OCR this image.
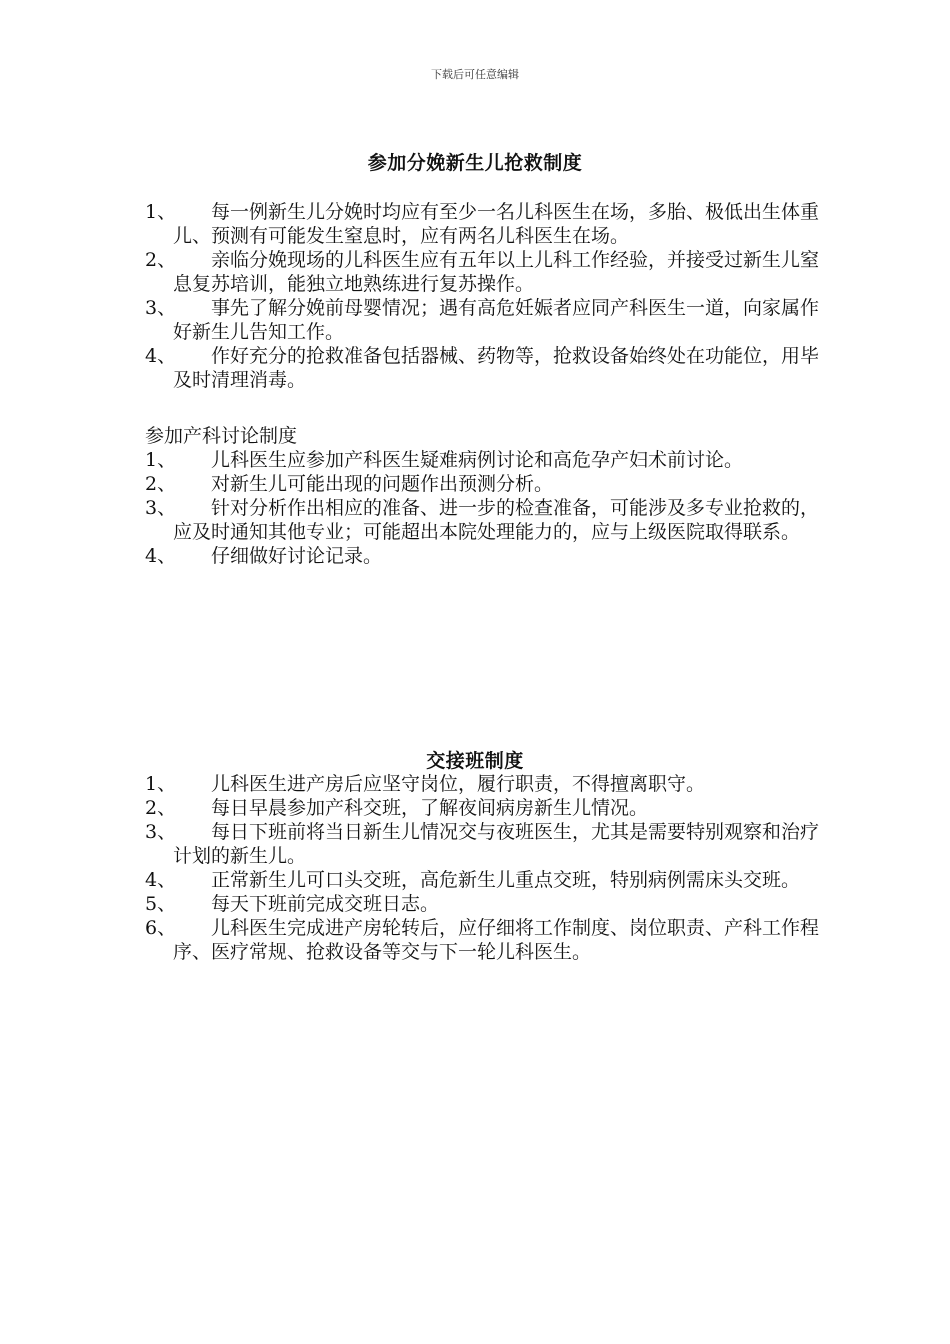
下载后可任意编辑
参加分娩新生儿抢救制度
1、	每一例新生儿分娩时均应有至少一名儿科医生在场，多胎、极低出生体重儿、预测有可能发生窒息时，应有两名儿科医生在场。
2、	亲临分娩现场的儿科医生应有五年以上儿科工作经验，并接受过新生儿窒息复苏培训，能独立地熟练进行复苏操作。
3、	事先了解分娩前母婴情况；遇有高危妊娠者应同产科医生一道，向家属作好新生儿告知工作。
4、	作好充分的抢救准备包括器械、药物等，抢救设备始终处在功能位，用毕及时清理消毒。
参加产科讨论制度
1、	儿科医生应参加产科医生疑难病例讨论和高危孕产妇术前讨论。
2、	对新生儿可能出现的问题作出预测分析。
3、	针对分析作出相应的准备、进一步的检查准备，可能涉及多专业抢救的，应及时通知其他专业；可能超出本院处理能力的，应与上级医院取得联系。
4、	仔细做好讨论记录。
交接班制度
1、	儿科医生进产房后应坚守岗位，履行职责，不得擅离职守。
2、	每日早晨参加产科交班，了解夜间病房新生儿情况。
3、	每日下班前将当日新生儿情况交与夜班医生，尤其是需要特别观察和治疗计划的新生儿。
4、	正常新生儿可口头交班，高危新生儿重点交班，特别病例需床头交班。
5、	每天下班前完成交班日志。
6、	儿科医生完成进产房轮转后，应仔细将工作制度、岗位职责、产科工作程序、医疗常规、抢救设备等交与下一轮儿科医生。
